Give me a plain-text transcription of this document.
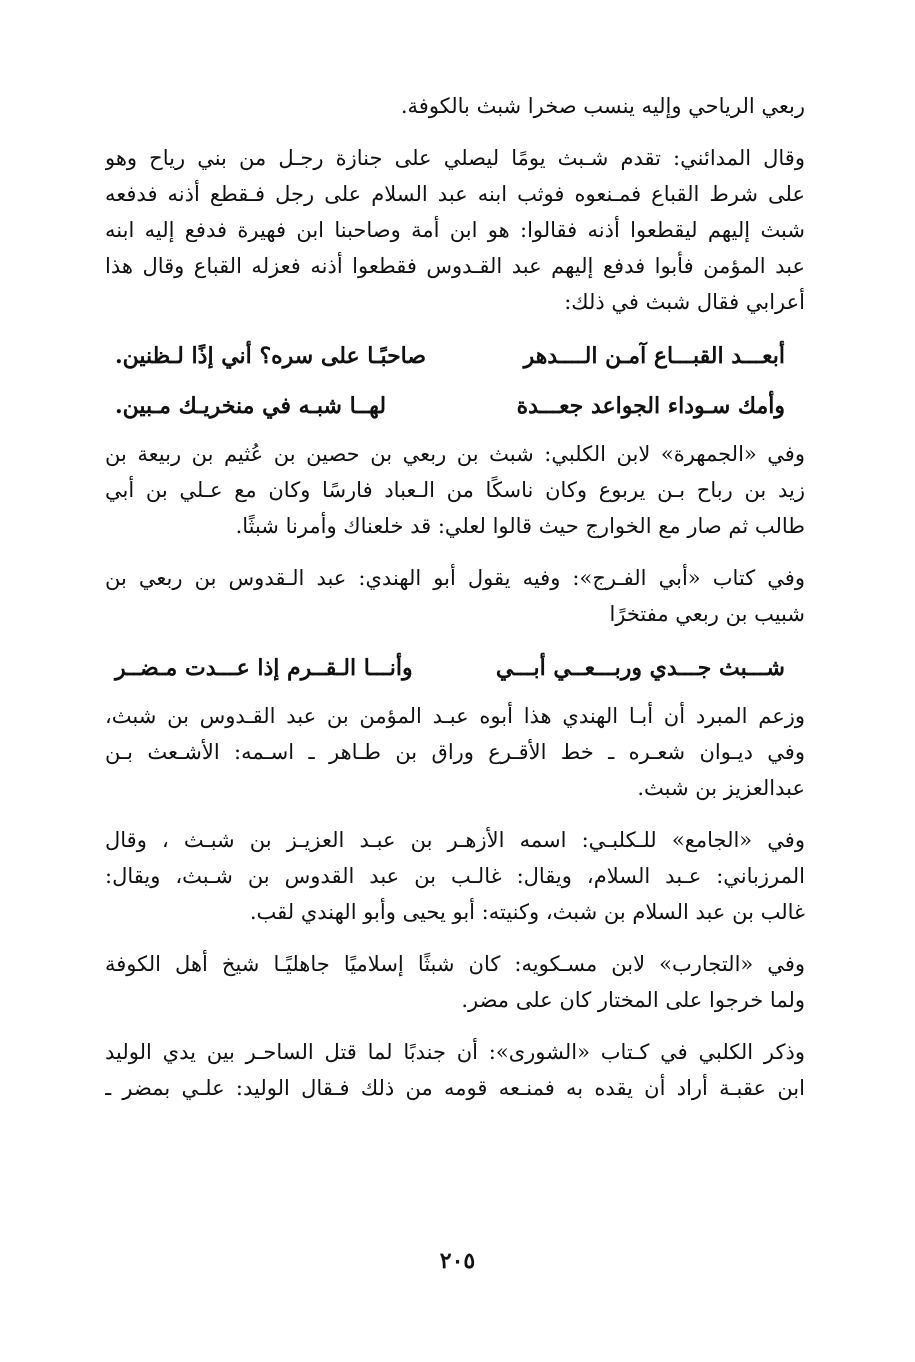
ربعي الرياحي وإليه ينسب صخرا شبث بالكوفة.

وقال المدائني: تقدم شـبث يومًا ليصلي على جنازة رجـل من بني رياح وهو
على شرط القباع فمـنعوه فوثب ابنه عبد السلام على رجل فـقطع أذنه فدفعه
شبث إليهم ليقطعوا أذنه فقالوا: هو ابن أمة وصاحبنا ابن فهيرة فدفع إليه ابنه
عبد المؤمن فأبوا فدفع إليهم عبد القـدوس فقطعوا أذنه فعزله القباع وقال هذا
أعرابي فقال شبث في ذلك:

أبعـــد القبـــاع آمـن الــــدهر
صاحبًـا على سره؟ أني إذًا لـظنين.
وأمك سـوداء الجواعد جعـــدة
لهــا شبـه في منخريـك مـبين.

وفي «الجمهرة» لابن الكلبي: شبث بن ربعي بن حصين بن عُثيم بن ربيعة بن
زيد بن رباح بـن يربوع وكان ناسكًا من الـعباد فارسًا وكان مع عـلي بن أبي
طالب ثم صار مع الخوارج حيث قالوا لعلي: قد خلعناك وأمرنا شبثًا.

وفي كتاب «أبي الفـرج»: وفيه يقول أبو الهندي: عبد الـقدوس بن ربعي بن
شبيب بن ربعي مفتخرًا

شـــبث جـــدي وربـــعــي أبـــي
وأنـــا الـقــرم إذا عـــدت مـضــر

وزعم المبرد أن أبـا الهندي هذا أبوه عبـد المؤمن بن عبد القـدوس بن شبث،
وفي ديـوان شعـره ـ خط الأقـرع وراق بن طـاهر ـ اسـمه: الأشـعث بـن
عبدالعزيز بن شبث.

وفي «الجامع» للـكلبـي: اسمه الأزهـر بن عبـد العزيـز بن شبـث ، وقال
المرزباني: عـبد السلام، ويقال: غالـب بن عبد القدوس بن شـبث، ويقال:
غالب بن عبد السلام بن شبث، وكنيته: أبو يحيى وأبو الهندي لقب.

وفي «التجارب» لابن مسـكويه: كان شبثًا إسلاميًا جاهليًـا شيخ أهل الكوفة
ولما خرجوا على المختار كان على مضر.

وذكر الكلبي في كـتاب «الشورى»: أن جندبًا لما قتل الساحـر بين يدي الوليد
ابن عقبـة أراد أن يقده به فمنـعه قومه من ذلك فـقال الوليد: علـي بمضر ـ

٢٠٥
